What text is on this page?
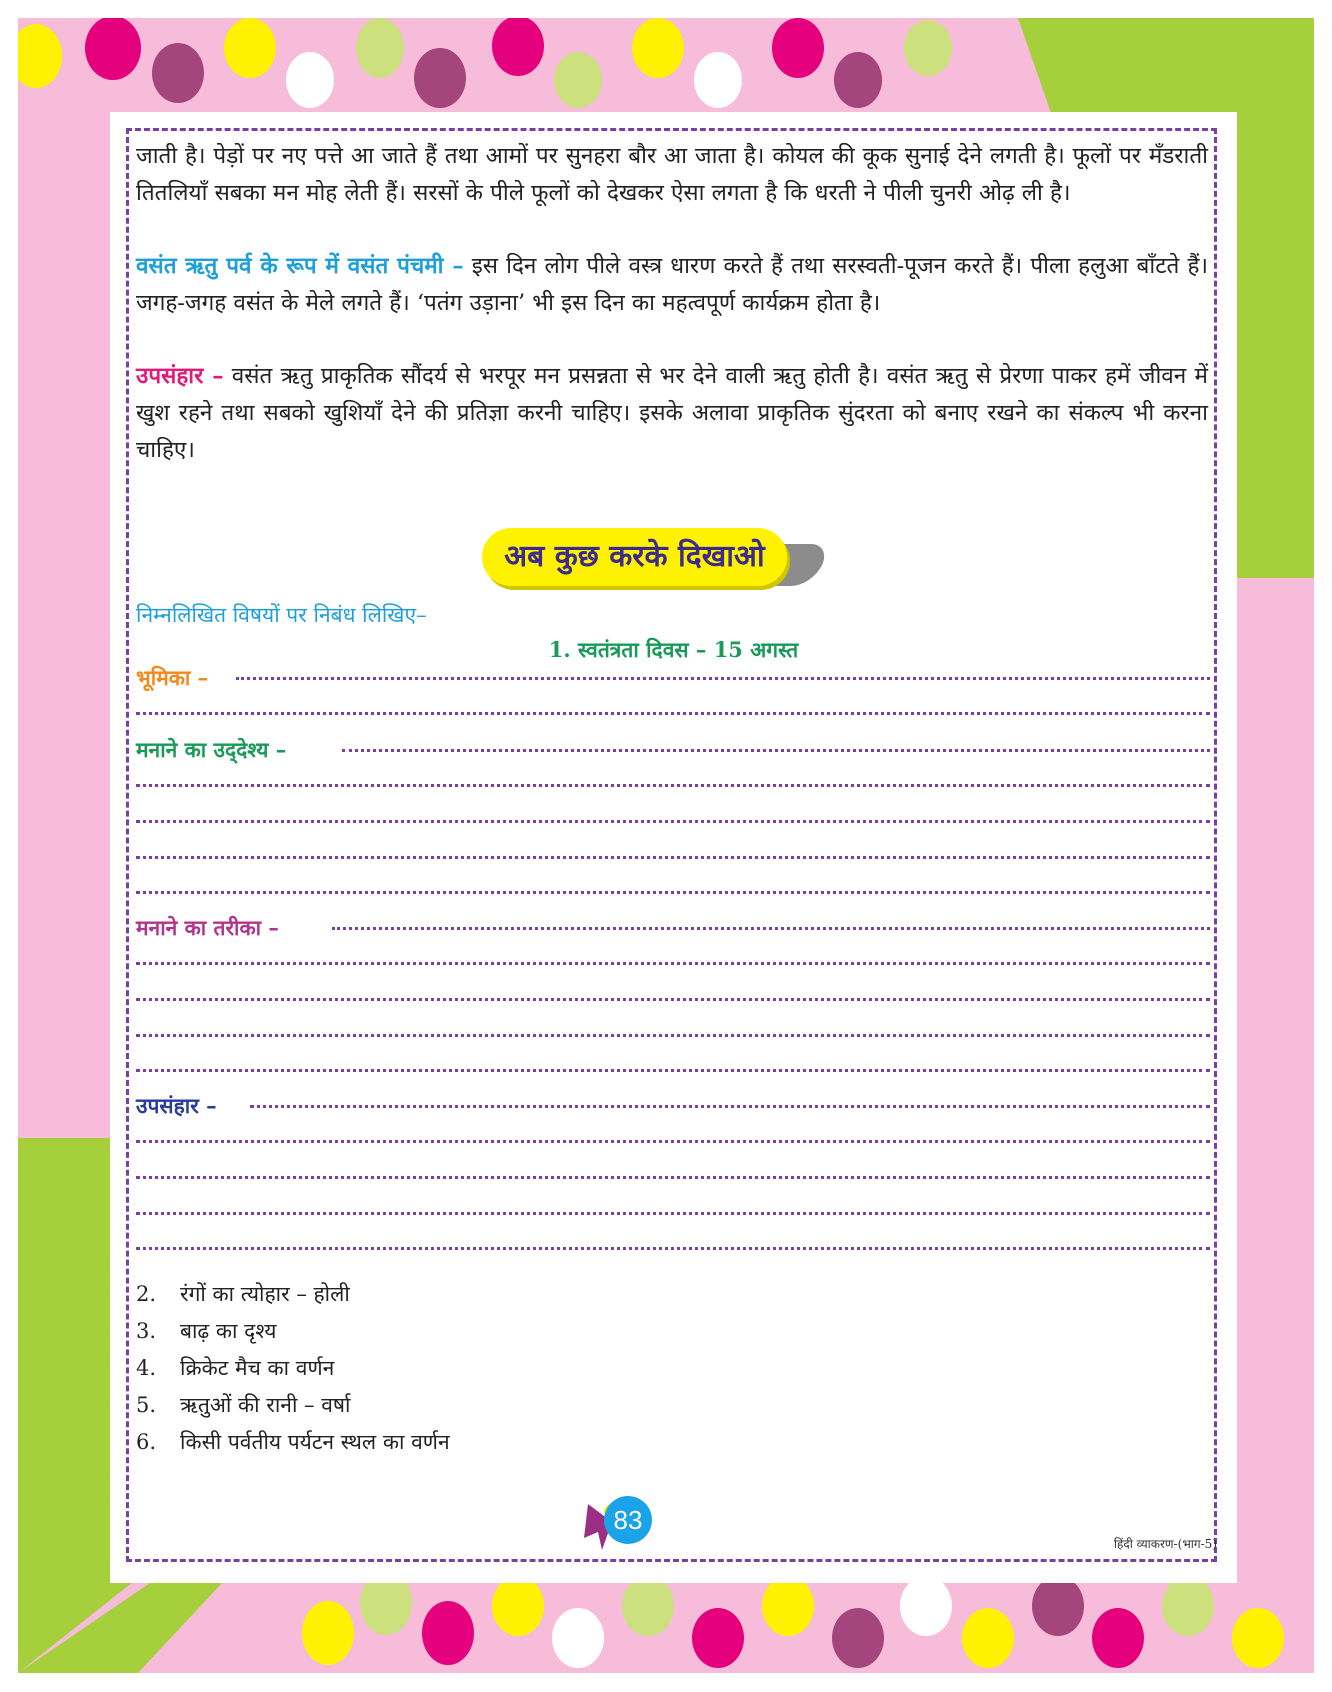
जाती है। पेड़ों पर नए पत्ते आ जाते हैं तथा आमों पर सुनहरा बौर आ जाता है। कोयल की कूक सुनाई देने लगती है। फूलों पर मँडराती तितलियाँ सबका मन मोह लेती हैं। सरसों के पीले फूलों को देखकर ऐसा लगता है कि धरती ने पीली चुनरी ओढ़ ली है।

वसंत ऋतु पर्व के रूप में वसंत पंचमी – इस दिन लोग पीले वस्त्र धारण करते हैं तथा सरस्वती-पूजन करते हैं। पीला हलुआ बाँटते हैं। जगह-जगह वसंत के मेले लगते हैं। ‘पतंग उड़ाना’ भी इस दिन का महत्वपूर्ण कार्यक्रम होता है।

उपसंहार – वसंत ऋतु प्राकृतिक सौंदर्य से भरपूर मन प्रसन्नता से भर देने वाली ऋतु होती है। वसंत ऋतु से प्रेरणा पाकर हमें जीवन में खुश रहने तथा सबको खुशियाँ देने की प्रतिज्ञा करनी चाहिए। इसके अलावा प्राकृतिक सुंदरता को बनाए रखने का संकल्प भी करना चाहिए।

अब कुछ करके दिखाओ
निम्नलिखित विषयों पर निबंध लिखिए–
1. स्वतंत्रता दिवस – 15 अगस्त
भूमिका –
मनाने का उद्‌देश्य –
मनाने का तरीका –
उपसंहार –
2. रंगों का त्योहार – होली
3. बाढ़ का दृश्य
4. क्रिकेट मैच का वर्णन
5. ऋतुओं की रानी – वर्षा
6. किसी पर्वतीय पर्यटन स्थल का वर्णन
83
हिंदी व्याकरण-(भाग-5)
